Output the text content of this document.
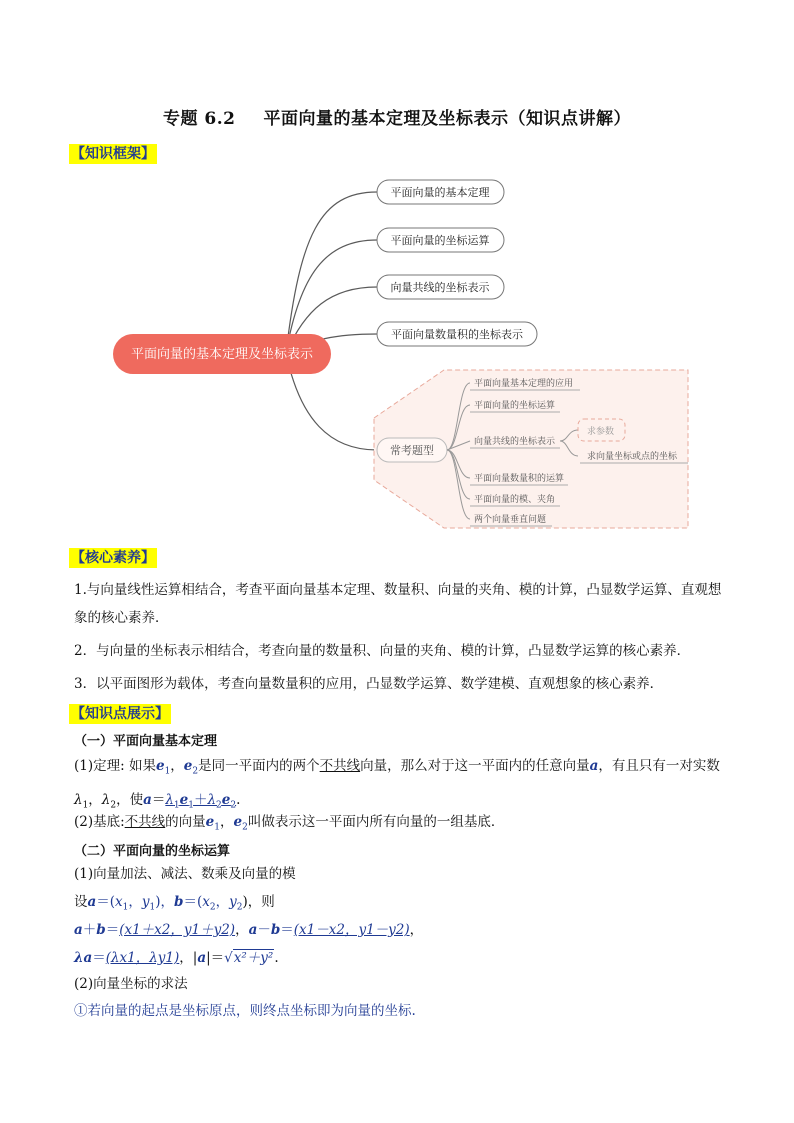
专题 6.2 平面向量的基本定理及坐标表示（知识点讲解）
【知识框架】
平面向量的基本定理及坐标表示
平面向量的基本定理
平面向量的坐标运算
向量共线的坐标表示
平面向量数量积的坐标表示
常考题型
平面向量基本定理的应用
平面向量的坐标运算
向量共线的坐标表示
平面向量数量积的运算
平面向量的模、夹角
两个向量垂直问题
求参数
求向量坐标或点的坐标
【核心素养】

1.与向量线性运算相结合，考查平面向量基本定理、数量积、向量的夹角、模的计算，凸显数学运算、直观想象的核心素养．

2．与向量的坐标表示相结合，考查向量的数量积、向量的夹角、模的计算，凸显数学运算的核心素养．

3．以平面图形为载体，考查向量数量积的应用，凸显数学运算、数学建模、直观想象的核心素养．

【知识点展示】
（一）平面向量基本定理

(1)定理: 如果$e_1$，$e_2$是同一平面内的两个不共线向量，那么对于这一平面内的任意向量a，有且只有一对实数$\lambda_1$，$\lambda_2$，使$a=\lambda_1e_1+\lambda_2e_2$.

(2)基底:不共线的向量$e_1$，$e_2$叫做表示这一平面内所有向量的一组基底．

（二）平面向量的坐标运算

(1)向量加法、减法、数乘及向量的模

设$a=(x_1$，$y_1$)，$b=(x_2$，$y_2$)，则

a＋b＝(x1＋x2，y1＋y2)，a－b＝(x1－x2，y1－y2)，

λa＝(λx1，λy1)，|a|＝√x²＋y².

(2)向量坐标的求法

①若向量的起点是坐标原点，则终点坐标即为向量的坐标.
